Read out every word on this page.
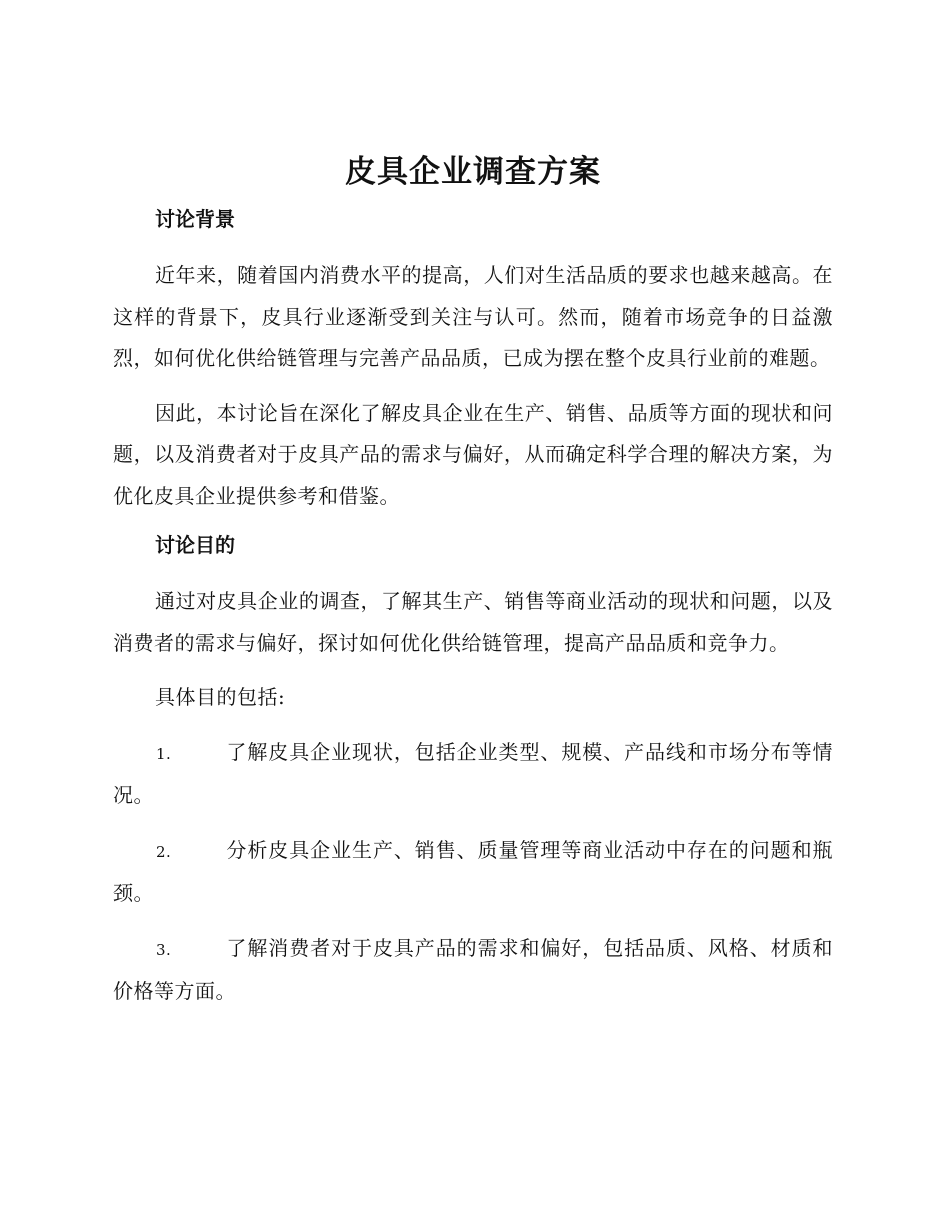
皮具企业调查方案
讨论背景

近年来，随着国内消费水平的提高，人们对生活品质的要求也越来越高。在这样的背景下，皮具行业逐渐受到关注与认可。然而，随着市场竞争的日益激烈，如何优化供给链管理与完善产品品质，已成为摆在整个皮具行业前的难题。

因此，本讨论旨在深化了解皮具企业在生产、销售、品质等方面的现状和问题，以及消费者对于皮具产品的需求与偏好，从而确定科学合理的解决方案，为优化皮具企业提供参考和借鉴。

讨论目的

通过对皮具企业的调查，了解其生产、销售等商业活动的现状和问题，以及消费者的需求与偏好，探讨如何优化供给链管理，提高产品品质和竞争力。

具体目的包括:

1.	了解皮具企业现状，包括企业类型、规模、产品线和市场分布等情况。

2.	分析皮具企业生产、销售、质量管理等商业活动中存在的问题和瓶颈。

3.	了解消费者对于皮具产品的需求和偏好，包括品质、风格、材质和价格等方面。
